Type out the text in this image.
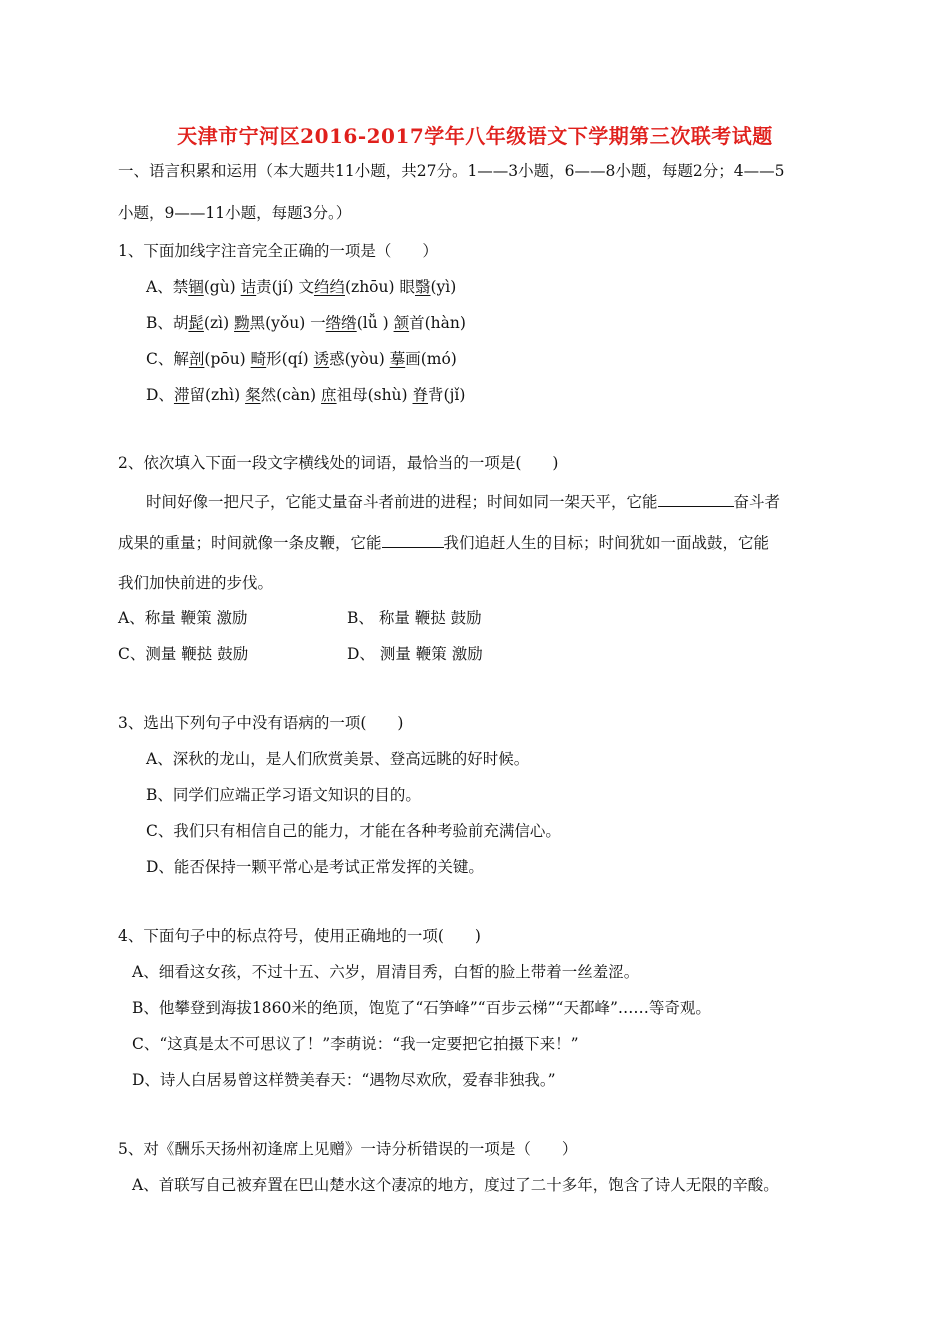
天津市宁河区2016-2017学年八年级语文下学期第三次联考试题
一、语言积累和运用（本大题共11小题，共27分。1——3小题，6——8小题，每题2分；4——5
小题，9——11小题，每题3分。）
1、下面加线字注音完全正确的一项是（　　）
A、禁锢(gù) 诘责(jí) 文绉绉(zhōu) 眼翳(yì)
B、胡髭(zì) 黝黑(yǒu) 一绺绺(lǚ ) 颔首(hàn)
C、解剖(pōu) 畸形(qí) 诱惑(yòu) 摹画(mó)
D、滞留(zhì) 粲然(càn) 庶祖母(shù) 脊背(jǐ)
2、依次填入下面一段文字横线处的词语，最恰当的一项是(　　)
时间好像一把尺子，它能丈量奋斗者前进的进程；时间如同一架天平，它能	奋斗者
成果的重量；时间就像一条皮鞭，它能	我们追赶人生的目标；时间犹如一面战鼓，它能
我们加快前进的步伐。
A、称量 鞭策 激励	B、 称量 鞭挞 鼓励
C、测量 鞭挞 鼓励	D、 测量 鞭策 激励
3、选出下列句子中没有语病的一项(　　)
A、深秋的龙山，是人们欣赏美景、登高远眺的好时候。
B、同学们应端正学习语文知识的目的。
C、我们只有相信自己的能力，才能在各种考验前充满信心。
D、能否保持一颗平常心是考试正常发挥的关键。
4、下面句子中的标点符号，使用正确地的一项(　　)
A、细看这女孩，不过十五、六岁，眉清目秀，白皙的脸上带着一丝羞涩。
B、他攀登到海拔1860米的绝顶，饱览了“石笋峰”“百步云梯”“天都峰”……等奇观。
C、“这真是太不可思议了！”李萌说：“我一定要把它拍摄下来！”
D、诗人白居易曾这样赞美春天：“遇物尽欢欣，爱春非独我。”
5、对《酬乐天扬州初逢席上见赠》一诗分析错误的一项是（　　）
A、首联写自己被弃置在巴山楚水这个凄凉的地方，度过了二十多年，饱含了诗人无限的辛酸。
